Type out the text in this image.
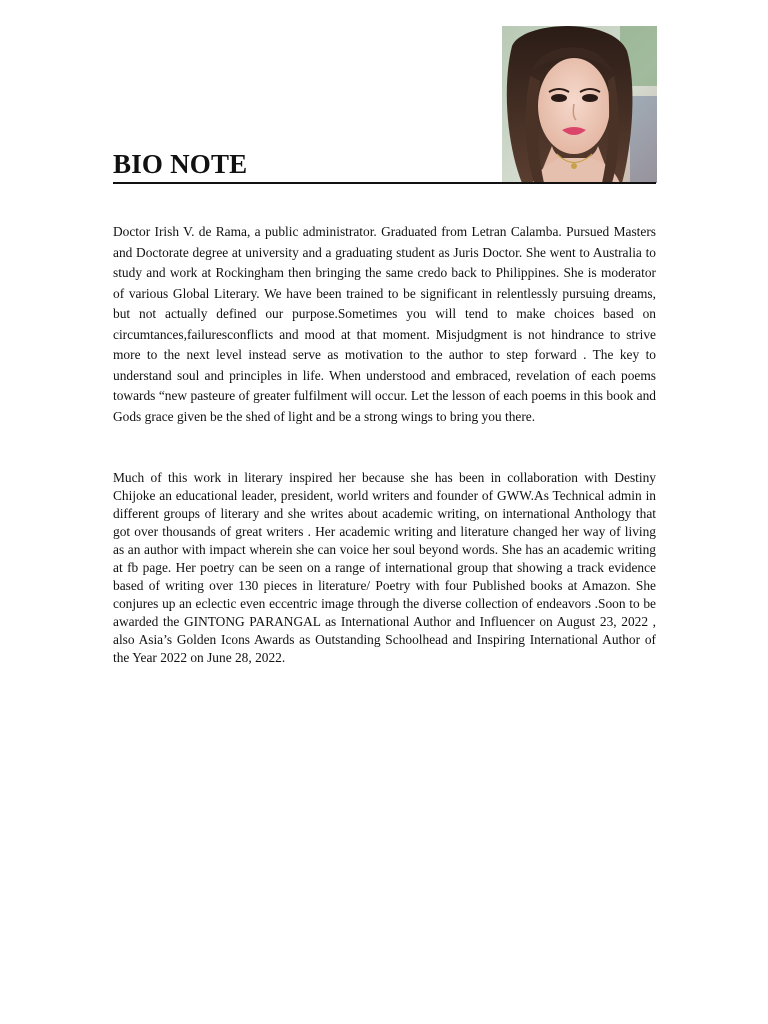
BIO NOTE

Doctor Irish V. de Rama, a public administrator. Graduated from Letran Calamba. Pursued Masters and Doctorate degree at university and a graduating student as Juris Doctor. She went to Australia to study and work at Rockingham then bringing the same credo back to Philippines. She is moderator of various Global Literary. We have been trained to be significant in relentlessly pursuing dreams, but not actually defined our purpose.Sometimes you will tend to make choices based on circumtances,failuresconflicts and mood at that moment. Misjudgment is not hindrance to strive more to the next level instead serve as motivation to the author to step forward . The key to understand soul and principles in life. When understood and embraced, revelation of each poems towards “new pasteure of greater fulfilment will occur. Let the lesson of each poems in this book and Gods grace given be the shed of light and be a strong wings to bring you there.

Much of this work in literary inspired her because she has been in collaboration with Destiny Chijoke an educational leader, president, world writers and founder of GWW.As Technical admin in different groups of literary and she writes about academic writing, on international Anthology that got over thousands of great writers . Her academic writing and literature changed her way of living as an author with impact wherein she can voice her soul beyond words. She has an academic writing at fb page. Her poetry can be seen on a range of international group that showing a track evidence based of writing over 130 pieces in literature/ Poetry with four Published books at Amazon. She conjures up an eclectic even eccentric image through the diverse collection of endeavors .Soon to be awarded the GINTONG PARANGAL as International Author and Influencer on August 23, 2022 , also Asia’s Golden Icons Awards as Outstanding Schoolhead and Inspiring International Author of the Year 2022 on June 28, 2022.
